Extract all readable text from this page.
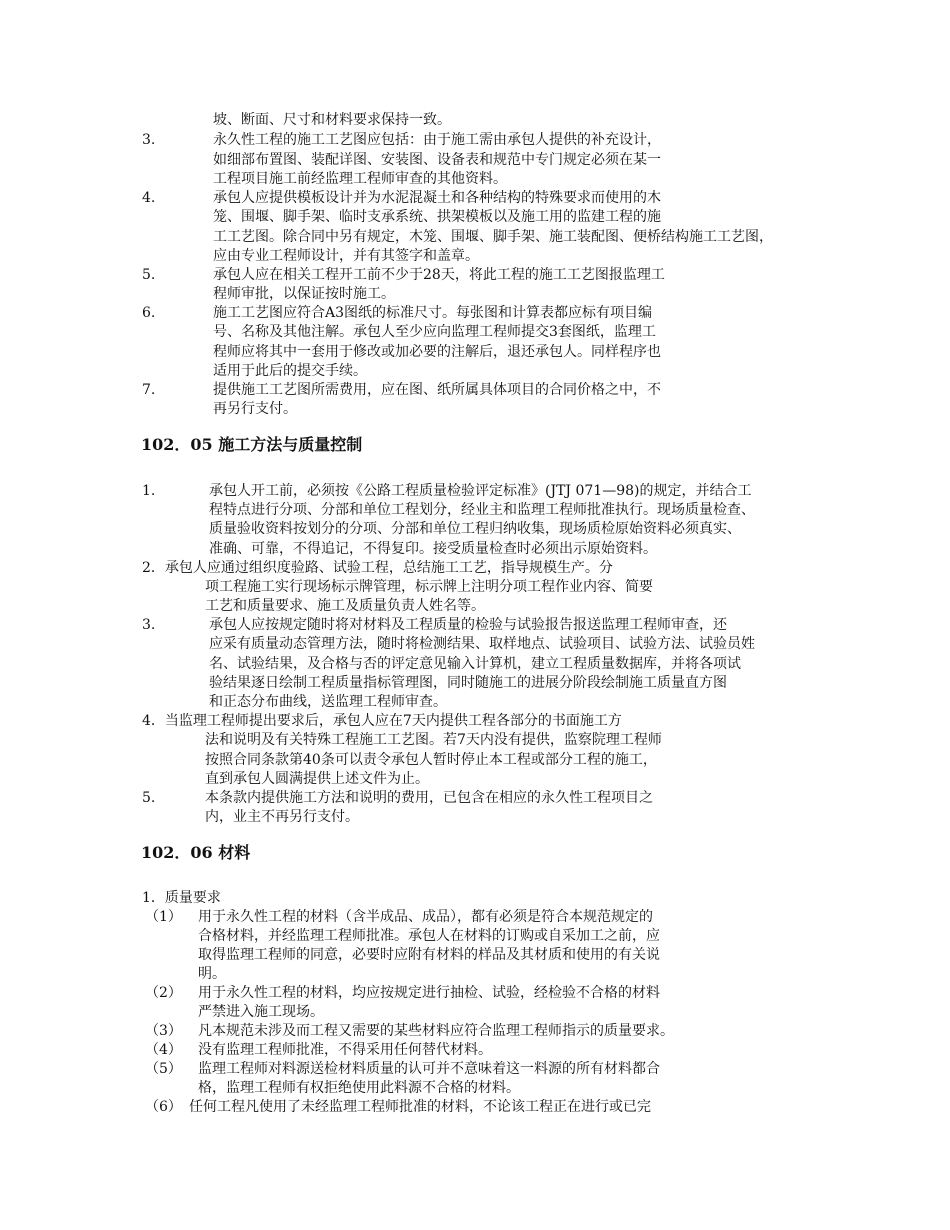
坡、断面、尺寸和材料要求保持一致。
3.	永久性工程的施工工艺图应包括：由于施工需由承包人提供的补充设计，
如细部布置图、装配详图、安装图、设备表和规范中专门规定必须在某一
工程项目施工前经监理工程师审查的其他资料。
4.	承包人应提供模板设计并为水泥混凝土和各种结构的特殊要求而使用的木
笼、围堰、脚手架、临时支承系统、拱架模板以及施工用的监建工程的施
工工艺图。除合同中另有规定，木笼、围堰、脚手架、施工装配图、便桥结构施工工艺图，
应由专业工程师设计，并有其签字和盖章。
5.	承包人应在相关工程开工前不少于28天，将此工程的施工工艺图报监理工
程师审批，以保证按时施工。
6.	施工工艺图应符合A3图纸的标准尺寸。每张图和计算表都应标有项目编
号、名称及其他注解。承包人至少应向监理工程师提交3套图纸，监理工
程师应将其中一套用于修改或加必要的注解后，退还承包人。同样程序也
适用于此后的提交手续。
7.	提供施工工艺图所需费用，应在图、纸所属具体项目的合同价格之中，不
再另行支付。
102．05 施工方法与质量控制
1.	承包人开工前，必须按《公路工程质量检验评定标准》(JTJ 071—98)的规定，并结合工
程特点进行分项、分部和单位工程划分，经业主和监理工程师批准执行。现场质量检查、
质量验收资料按划分的分项、分部和单位工程归纳收集，现场质检原始资料必须真实、
准确、可靠，不得追记，不得复印。接受质量检查时必须出示原始资料。
2．承包人应通过组织度验路、试验工程，总结施工工艺，指导规模生产。分
项工程施工实行现场标示牌管理，标示牌上注明分项工程作业内容、简要
工艺和质量要求、施工及质量负责人姓名等。
3.	承包人应按规定随时将对材料及工程质量的检验与试验报告报送监理工程师审查，还
应采有质量动态管理方法，随时将检测结果、取样地点、试验项目、试验方法、试验员姓
名、试验结果，及合格与否的评定意见输入计算机，建立工程质量数据库，并将各项试
验结果逐日绘制工程质量指标管理图，同时随施工的进展分阶段绘制施工质量直方图
和正态分布曲线，送监理工程师审查。
4．当监理工程师提出要求后，承包人应在7天内提供工程各部分的书面施工方
法和说明及有关特殊工程施工工艺图。若7天内没有提供，监察院理工程师
按照合同条款第40条可以责令承包人暂时停止本工程或部分工程的施工，
直到承包人圆满提供上述文件为止。
5.	本条款内提供施工方法和说明的费用，已包含在相应的永久性工程项目之
内，业主不再另行支付。
102．06 材料
1．质量要求
（1） 用于永久性工程的材料（含半成品、成品），都有必须是符合本规范规定的
合格材料，并经监理工程师批准。承包人在材料的订购或自采加工之前，应
取得监理工程师的同意，必要时应附有材料的样品及其材质和使用的有关说
明。
（2） 用于永久性工程的材料，均应按规定进行抽检、试验，经检验不合格的材料
严禁进入施工现场。
（3） 凡本规范未涉及而工程又需要的某些材料应符合监理工程师指示的质量要求。
（4） 没有监理工程师批准，不得采用任何替代材料。
（5） 监理工程师对料源送检材料质量的认可并不意味着这一料源的所有材料都合
格，监理工程师有权拒绝使用此料源不合格的材料。
（6） 任何工程凡使用了未经监理工程师批准的材料，不论该工程正在进行或已完
